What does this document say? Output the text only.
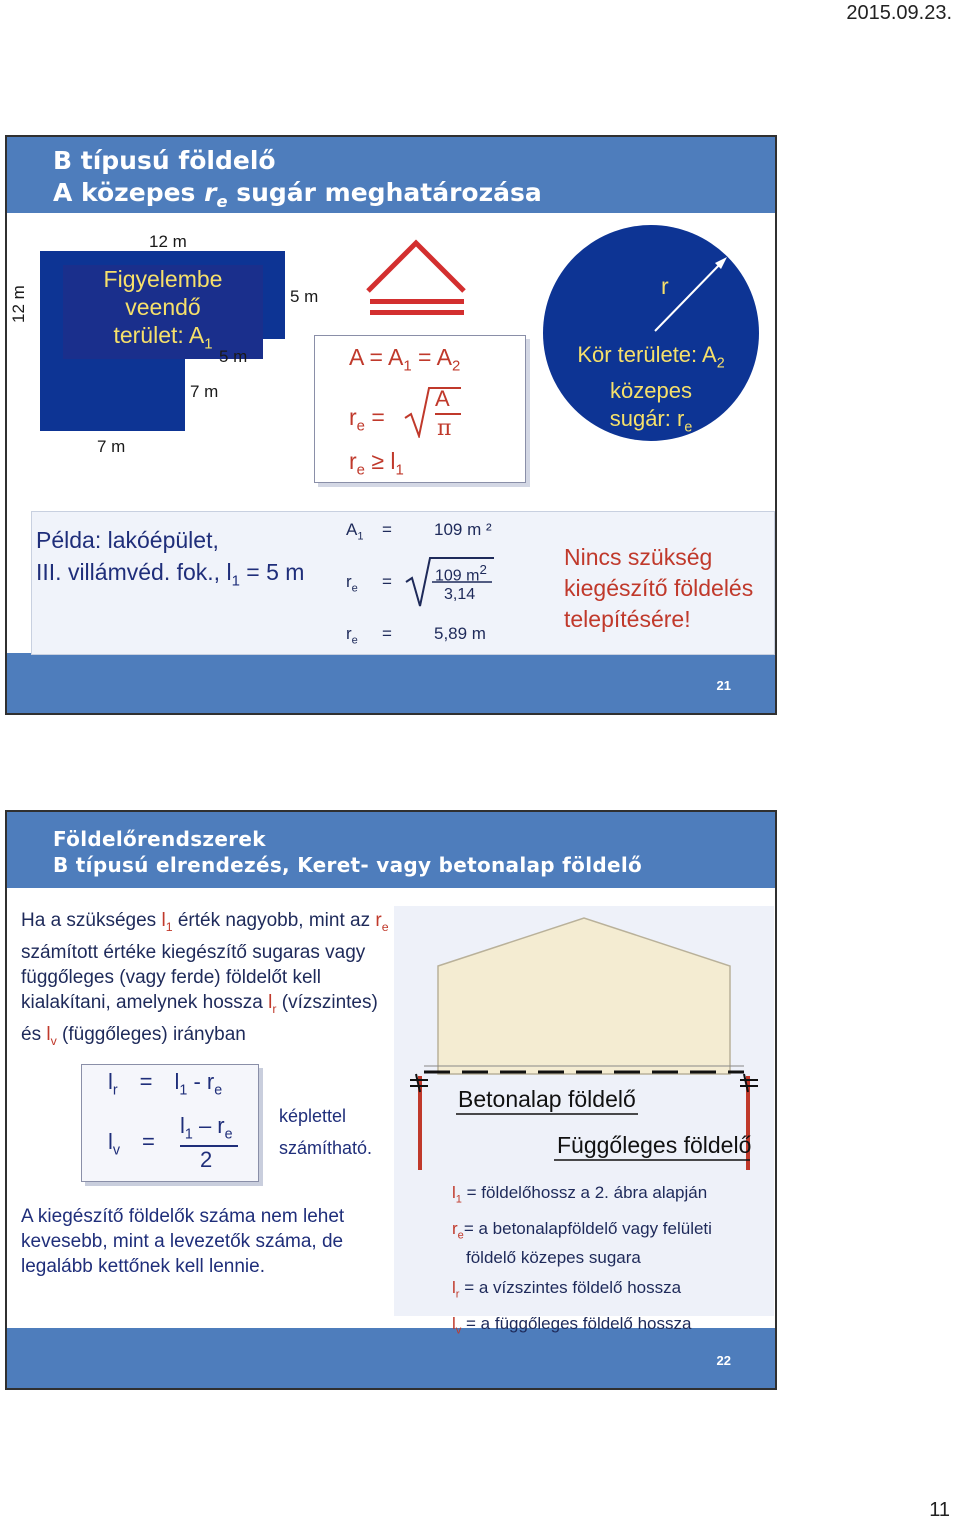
2015.09.23.
B típusú földelő
A közepes $r_e$ sugár meghatározása
12 m
12 m
Figyelembe veendő
terület: $A_1$
5 m
5 m
7 m
7 m
$A = A_1 = A_2$
$r_e$ =
A
π
$r_e \ge l_1$
r
Kör területe: $A_2$
közepes
sugár: $r_e$
Példa: lakóépület,
III. villámvéd. fok., $l_1 = 5$ m
$A_1 = 109$ m ²
$r_e$ =	109 $m^2$
3,14
$r_e = 5,89$ m
Nincs szükség
kiegészítő földelés
telepítésére!
21
Földelőrendszerek
B típusú elrendezés, Keret- vagy betonalap földelő
Ha a szükséges $l_1$ érték nagyobb, mint az $r_e$
számított értéke kiegészítő sugaras vagy
függőleges (vagy ferde) földelőt kell
kialakítani, amelynek hossza $l_r$ (vízszintes)
és $l_v$ (függőleges) irányban
$l_r = l_1 - r_e$
$l_v$ =
$l_1 - r_e$
2
képlettel
számítható.
A kiegészítő földelők száma nem lehet
kevesebb, mint a levezetők száma, de
legalább kettőnek kell lennie.
Betonalap földelő
Függőleges földelő
$l_1$ = földelőhossz a 2. ábra alapján
$r_e= a$ betonalapföldelő vagy felületi
földelő közepes sugara
$l_r = a$ vízszintes földelő hossza
$l_v = a$ függőleges földelő hossza
22
11
